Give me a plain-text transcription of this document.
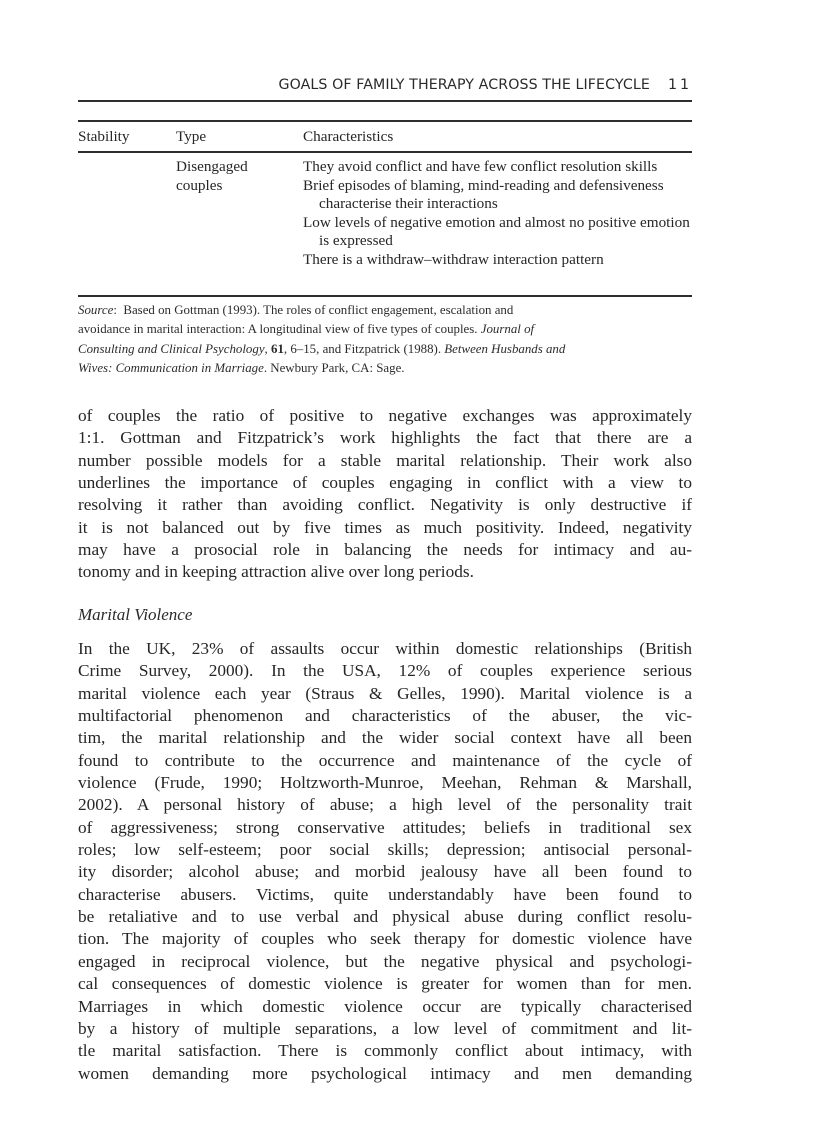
GOALS OF FAMILY THERAPY ACROSS THE LIFECYCLE 11
Stability	Type	Characteristics
Disengaged
couples
They avoid conflict and have few conflict resolution skills
Brief episodes of blaming, mind-reading and defensiveness characterise their interactions
Low levels of negative emotion and almost no positive emotion is expressed
There is a withdraw–withdraw interaction pattern
Source:  Based on Gottman (1993). The roles of conflict engagement, escalation and
avoidance in marital interaction: A longitudinal view of five types of couples. Journal of
Consulting and Clinical Psychology, 61, 6–15, and Fitzpatrick (1988). Between Husbands and
Wives: Communication in Marriage. Newbury Park, CA: Sage.
of couples the ratio of positive to negative exchanges was approximately
1:1. Gottman and Fitzpatrick’s work highlights the fact that there are a
number possible models for a stable marital relationship. Their work also
underlines the importance of couples engaging in conflict with a view to
resolving it rather than avoiding conflict. Negativity is only destructive if
it is not balanced out by five times as much positivity. Indeed, negativity
may have a prosocial role in balancing the needs for intimacy and au-
tonomy and in keeping attraction alive over long periods.
Marital Violence
In the UK, 23% of assaults occur within domestic relationships (British
Crime Survey, 2000). In the USA, 12% of couples experience serious
marital violence each year (Straus & Gelles, 1990). Marital violence is a
multifactorial phenomenon and characteristics of the abuser, the vic-
tim, the marital relationship and the wider social context have all been
found to contribute to the occurrence and maintenance of the cycle of
violence (Frude, 1990; Holtzworth-Munroe, Meehan, Rehman & Marshall,
2002). A personal history of abuse; a high level of the personality trait
of aggressiveness; strong conservative attitudes; beliefs in traditional sex
roles; low self-esteem; poor social skills; depression; antisocial personal-
ity disorder; alcohol abuse; and morbid jealousy have all been found to
characterise abusers. Victims, quite understandably have been found to
be retaliative and to use verbal and physical abuse during conflict resolu-
tion. The majority of couples who seek therapy for domestic violence have
engaged in reciprocal violence, but the negative physical and psychologi-
cal consequences of domestic violence is greater for women than for men.
Marriages in which domestic violence occur are typically characterised
by a history of multiple separations, a low level of commitment and lit-
tle marital satisfaction. There is commonly conflict about intimacy, with
women demanding more psychological intimacy and men demanding
